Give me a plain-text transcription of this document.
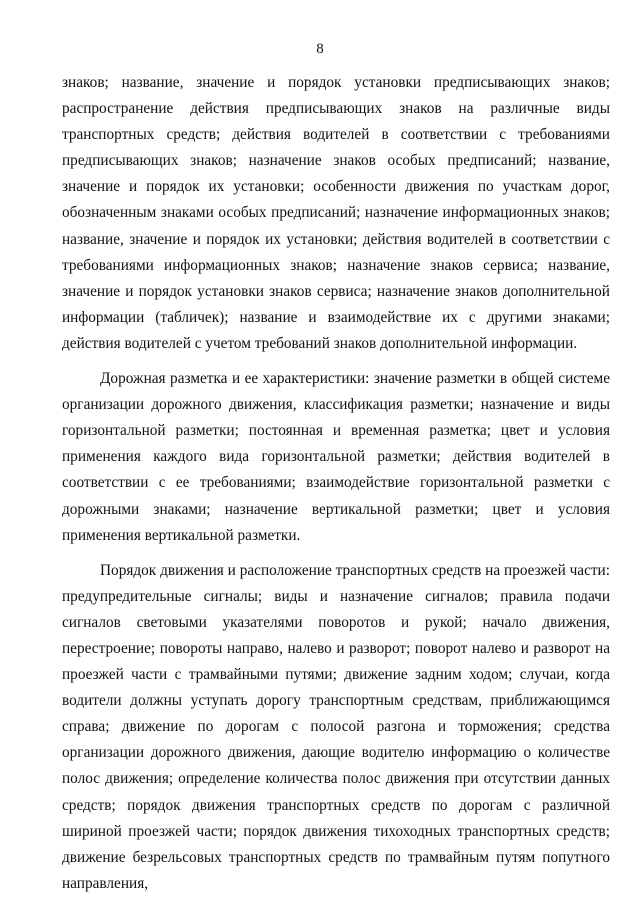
8

знаков; название, значение и порядок установки предписывающих знаков; распространение действия предписывающих знаков на различные виды транспортных средств; действия водителей в соответствии с требованиями предписывающих знаков; назначение знаков особых предписаний; название, значение и порядок их установки; особенности движения по участкам дорог, обозначенным знаками особых предписаний; назначение информационных знаков; название, значение и порядок их установки; действия водителей в соответствии с требованиями информационных знаков; назначение знаков сервиса; название, значение и порядок установки знаков сервиса; назначение знаков дополнительной информации (табличек); название и взаимодействие их с другими знаками; действия водителей с учетом требований знаков дополнительной информации.

Дорожная разметка и ее характеристики: значение разметки в общей системе организации дорожного движения, классификация разметки; назначение и виды горизонтальной разметки; постоянная и временная разметка; цвет и условия применения каждого вида горизонтальной разметки; действия водителей в соответствии с ее требованиями; взаимодействие горизонтальной разметки с дорожными знаками; назначение вертикальной разметки; цвет и условия применения вертикальной разметки.

Порядок движения и расположение транспортных средств на проезжей части: предупредительные сигналы; виды и назначение сигналов; правила подачи сигналов световыми указателями поворотов и рукой; начало движения, перестроение; повороты направо, налево и разворот; поворот налево и разворот на проезжей части с трамвайными путями; движение задним ходом; случаи, когда водители должны уступать дорогу транспортным средствам, приближающимся справа; движение по дорогам с полосой разгона и торможения; средства организации дорожного движения, дающие водителю информацию о количестве полос движения; определение количества полос движения при отсутствии данных средств; порядок движения транспортных средств по дорогам с различной шириной проезжей части; порядок движения тихоходных транспортных средств; движение безрельсовых транспортных средств по трамвайным путям попутного направления,
